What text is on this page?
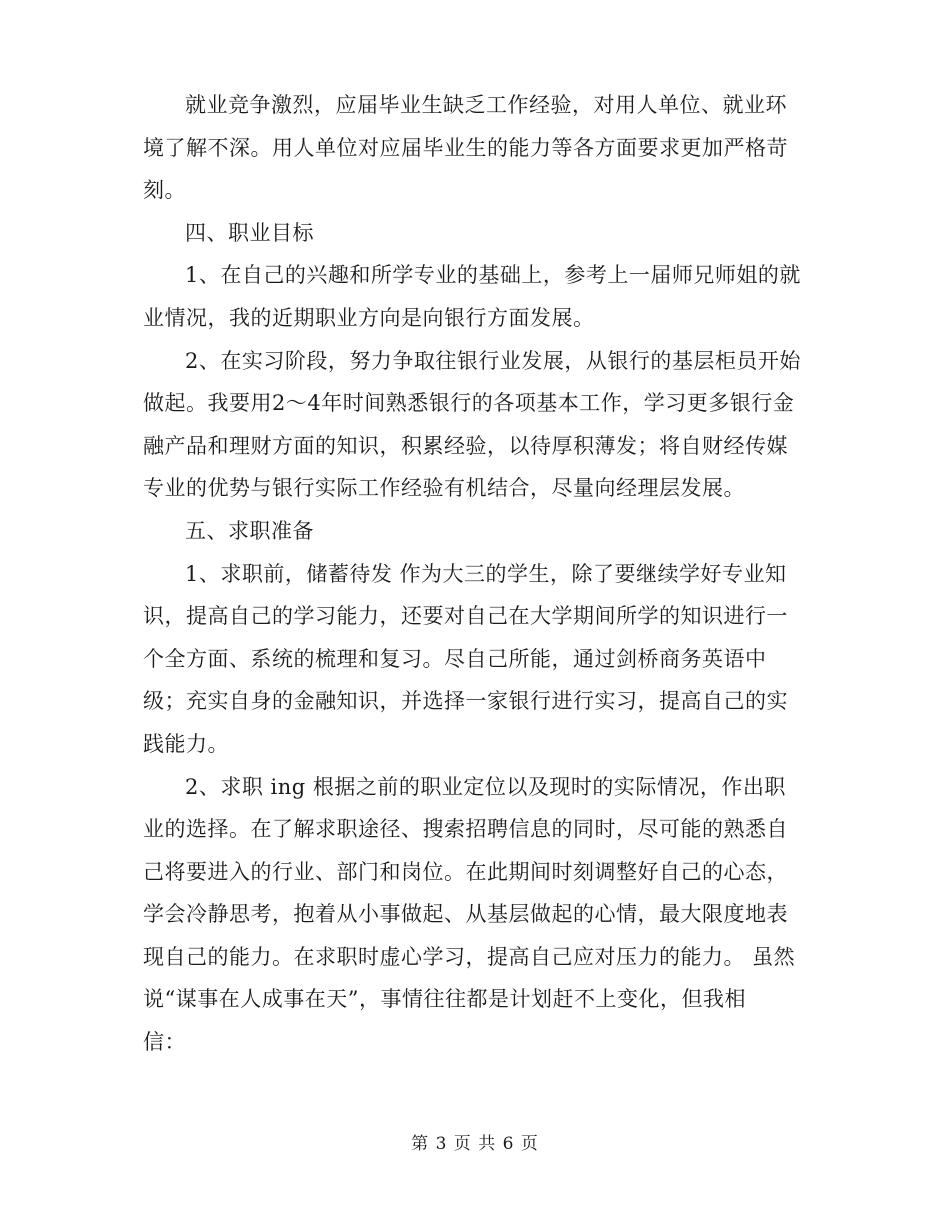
就业竞争激烈，应届毕业生缺乏工作经验，对用人单位、就业环
境了解不深。用人单位对应届毕业生的能力等各方面要求更加严格苛
刻。
四、职业目标
1、在自己的兴趣和所学专业的基础上，参考上一届师兄师姐的就
业情况，我的近期职业方向是向银行方面发展。
2、在实习阶段，努力争取往银行业发展，从银行的基层柜员开始
做起。我要用2～4年时间熟悉银行的各项基本工作，学习更多银行金
融产品和理财方面的知识，积累经验，以待厚积薄发；将自财经传媒
专业的优势与银行实际工作经验有机结合，尽量向经理层发展。
五、求职准备
1、求职前，储蓄待发 作为大三的学生，除了要继续学好专业知
识，提高自己的学习能力，还要对自己在大学期间所学的知识进行一
个全方面、系统的梳理和复习。尽自己所能，通过剑桥商务英语中
级；充实自身的金融知识，并选择一家银行进行实习，提高自己的实
践能力。
2、求职 ing 根据之前的职业定位以及现时的实际情况，作出职
业的选择。在了解求职途径、搜索招聘信息的同时，尽可能的熟悉自
己将要进入的行业、部门和岗位。在此期间时刻调整好自己的心态，
学会冷静思考，抱着从小事做起、从基层做起的心情，最大限度地表
现自己的能力。在求职时虚心学习，提高自己应对压力的能力。 虽然
说“谋事在人成事在天”，事情往往都是计划赶不上变化，但我相
信：
第 3 页 共 6 页
